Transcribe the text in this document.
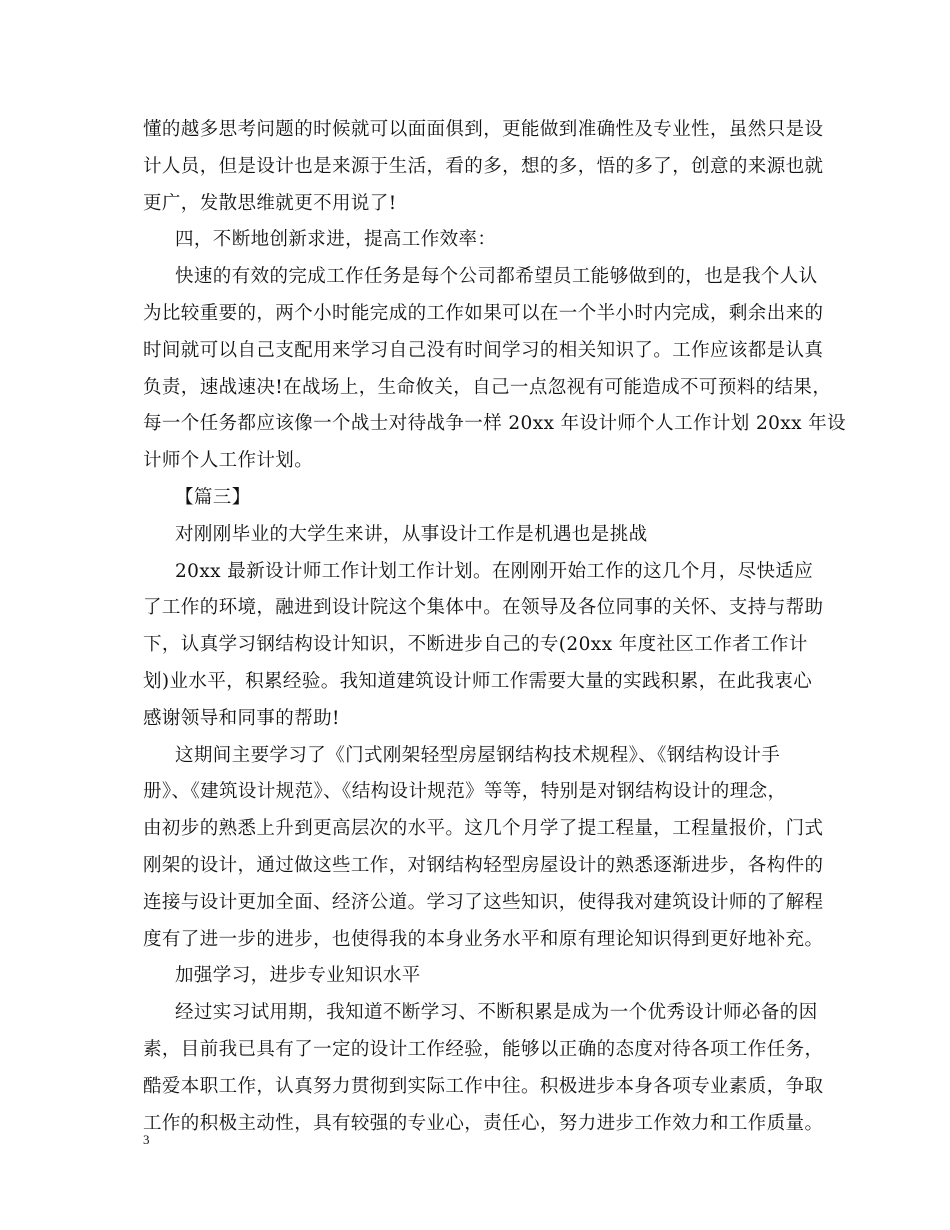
懂的越多思考问题的时候就可以面面俱到，更能做到准确性及专业性，虽然只是设
计人员，但是设计也是来源于生活，看的多，想的多，悟的多了，创意的来源也就
更广，发散思维就更不用说了!
四，不断地创新求进，提高工作效率：
快速的有效的完成工作任务是每个公司都希望员工能够做到的，也是我个人认
为比较重要的，两个小时能完成的工作如果可以在一个半小时内完成，剩余出来的
时间就可以自己支配用来学习自己没有时间学习的相关知识了。工作应该都是认真
负责，速战速决!在战场上，生命攸关，自己一点忽视有可能造成不可预料的结果，
每一个任务都应该像一个战士对待战争一样 20xx 年设计师个人工作计划 20xx 年设
计师个人工作计划。
【篇三】
对刚刚毕业的大学生来讲，从事设计工作是机遇也是挑战
20xx 最新设计师工作计划工作计划。在刚刚开始工作的这几个月，尽快适应
了工作的环境，融进到设计院这个集体中。在领导及各位同事的关怀、支持与帮助
下，认真学习钢结构设计知识，不断进步自己的专(20xx 年度社区工作者工作计
划)业水平，积累经验。我知道建筑设计师工作需要大量的实践积累，在此我衷心
感谢领导和同事的帮助!
这期间主要学习了《门式刚架轻型房屋钢结构技术规程》、《钢结构设计手
册》、《建筑设计规范》、《结构设计规范》等等，特别是对钢结构设计的理念，
由初步的熟悉上升到更高层次的水平。这几个月学了提工程量，工程量报价，门式
刚架的设计，通过做这些工作，对钢结构轻型房屋设计的熟悉逐渐进步，各构件的
连接与设计更加全面、经济公道。学习了这些知识，使得我对建筑设计师的了解程
度有了进一步的进步，也使得我的本身业务水平和原有理论知识得到更好地补充。
加强学习，进步专业知识水平
经过实习试用期，我知道不断学习、不断积累是成为一个优秀设计师必备的因
素，目前我已具有了一定的设计工作经验，能够以正确的态度对待各项工作任务，
酷爱本职工作，认真努力贯彻到实际工作中往。积极进步本身各项专业素质，争取
工作的积极主动性，具有较强的专业心，责任心，努力进步工作效力和工作质量。
3
